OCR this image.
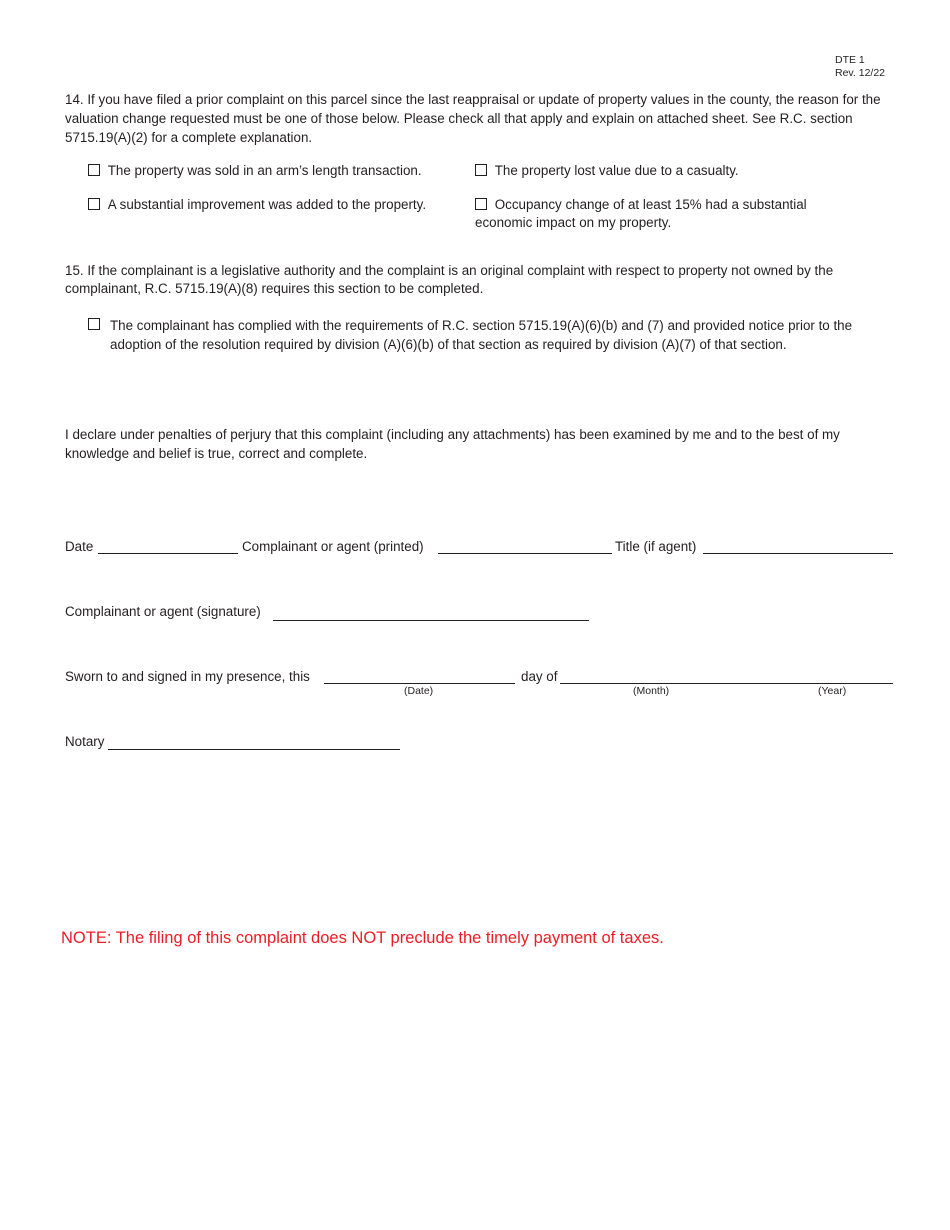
DTE 1
Rev. 12/22
14. If you have filed a prior complaint on this parcel since the last reappraisal or update of property values in the county, the reason for the valuation change requested must be one of those below. Please check all that apply and explain on attached sheet. See R.C. section 5715.19(A)(2) for a complete explanation.
The property was sold in an arm’s length transaction.	The property lost value due to a casualty.
A substantial improvement was added to the property.	Occupancy change of at least 15% had a substantial economic impact on my property.
15. If the complainant is a legislative authority and the complaint is an original complaint with respect to property not owned by the complainant, R.C. 5715.19(A)(8) requires this section to be completed.
The complainant has complied with the requirements of R.C. section 5715.19(A)(6)(b) and (7) and provided notice prior to the adoption of the resolution required by division (A)(6)(b) of that section as required by division (A)(7) of that section.
I declare under penalties of perjury that this complaint (including any attachments) has been examined by me and to the best of my knowledge and belief is true, correct and complete.
Date	Complainant or agent (printed)	Title (if agent)
Complainant or agent (signature)
Sworn to and signed in my presence, this
(Date)
day of
(Month)	(Year)
Notary
NOTE: The filing of this complaint does NOT preclude the timely payment of taxes.
